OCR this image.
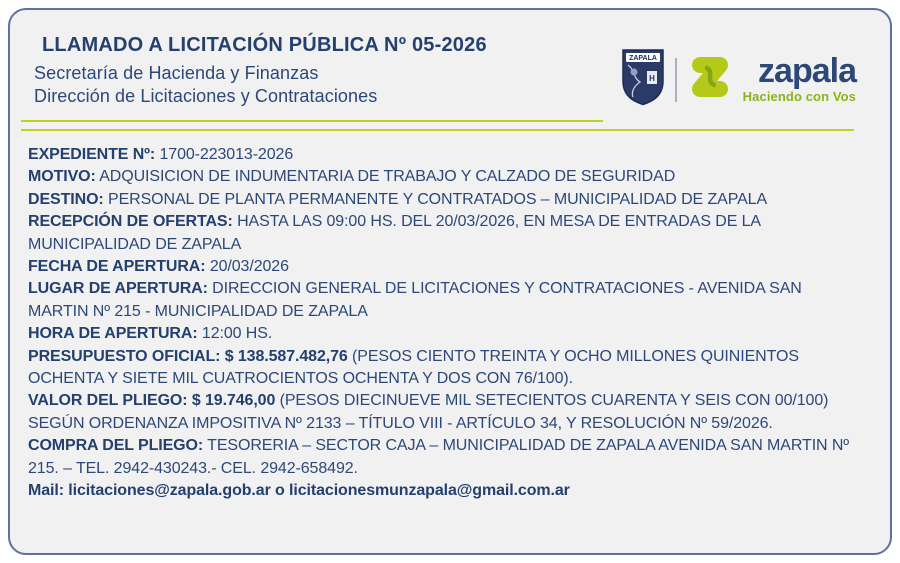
LLAMADO A LICITACIÓN PÚBLICA Nº 05-2026

Secretaría de Hacienda y Finanzas

Dirección de Licitaciones y Contrataciones

ZAPALA
H	zapala
Haciendo con Vos

EXPEDIENTE Nº: 1700-223013-2026

MOTIVO: ADQUISICION DE INDUMENTARIA DE TRABAJO Y CALZADO DE SEGURIDAD

DESTINO: PERSONAL DE PLANTA PERMANENTE Y CONTRATADOS – MUNICIPALIDAD DE ZAPALA

RECEPCIÓN DE OFERTAS: HASTA LAS 09:00 HS. DEL 20/03/2026, EN MESA DE ENTRADAS DE LA MUNICIPALIDAD DE ZAPALA

FECHA DE APERTURA: 20/03/2026

LUGAR DE APERTURA: DIRECCION GENERAL DE LICITACIONES Y CONTRATACIONES - AVENIDA SAN MARTIN Nº 215 - MUNICIPALIDAD DE ZAPALA

HORA DE APERTURA: 12:00 HS.

PRESUPUESTO OFICIAL: $ 138.587.482,76 (PESOS CIENTO TREINTA Y OCHO MILLONES QUINIENTOS OCHENTA Y SIETE MIL CUATROCIENTOS OCHENTA Y DOS CON 76/100).

VALOR DEL PLIEGO: $ 19.746,00 (PESOS DIECINUEVE MIL SETECIENTOS CUARENTA Y SEIS CON 00/100) SEGÚN ORDENANZA IMPOSITIVA Nº 2133 – TÍTULO VIII - ARTÍCULO 34, Y RESOLUCIÓN Nº 59/2026.

COMPRA DEL PLIEGO: TESORERIA – SECTOR CAJA – MUNICIPALIDAD DE ZAPALA AVENIDA SAN MARTIN Nº 215. – TEL. 2942-430243.- CEL. 2942-658492.

Mail: licitaciones@zapala.gob.ar o licitacionesmunzapala@gmail.com.ar
